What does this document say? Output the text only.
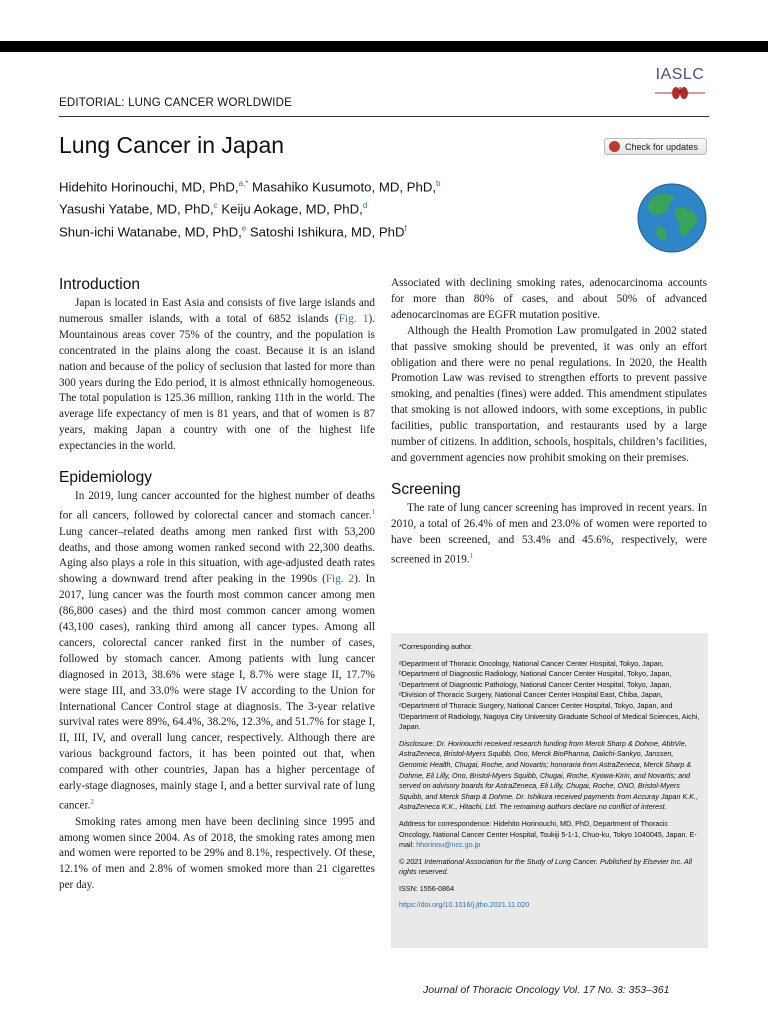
EDITORIAL: LUNG CANCER WORLDWIDE
IASLC
Lung Cancer in Japan	Check for updates
Hidehito Horinouchi, MD, PhD,$^{a,*}$ Masahiko Kusumoto, MD, PhD,$^b$
Yasushi Yatabe, MD, PhD,$^c$ Keiju Aokage, MD, PhD,$^d$
Shun-ichi Watanabe, MD, PhD,$^e$ Satoshi Ishikura, MD, PhD$^f$
Introduction

Japan is located in East Asia and consists of five large islands and numerous smaller islands, with a total of 6852 islands (Fig. 1). Mountainous areas cover 75% of the country, and the population is concentrated in the plains along the coast. Because it is an island nation and because of the policy of seclusion that lasted for more than 300 years during the Edo period, it is almost ethnically homogeneous. The total population is 125.36 million, ranking 11th in the world. The average life expectancy of men is 81 years, and that of women is 87 years, making Japan a country with one of the highest life expectancies in the world.

Epidemiology

In 2019, lung cancer accounted for the highest number of deaths for all cancers, followed by colorectal cancer and stomach cancer.$^1$ Lung cancer–related deaths among men ranked first with 53,200 deaths, and those among women ranked second with 22,300 deaths. Aging also plays a role in this situation, with age-adjusted death rates showing a downward trend after peaking in the 1990s (Fig. 2). In 2017, lung cancer was the fourth most common cancer among men (86,800 cases) and the third most common cancer among women (43,100 cases), ranking third among all cancer types. Among all cancers, colorectal cancer ranked first in the number of cases, followed by stomach cancer. Among patients with lung cancer diagnosed in 2013, 38.6% were stage I, 8.7% were stage II, 17.7% were stage III, and 33.0% were stage IV according to the Union for International Cancer Control stage at diagnosis. The 3-year relative survival rates were 89%, 64.4%, 38.2%, 12.3%, and 51.7% for stage I, II, III, IV, and overall lung cancer, respectively. Although there are various background factors, it has been pointed out that, when compared with other countries, Japan has a higher percentage of early-stage diagnoses, mainly stage I, and a better survival rate of lung cancer.$^2$

Smoking rates among men have been declining since 1995 and among women since 2004. As of 2018, the smoking rates among men and women were reported to be 29% and 8.1%, respectively. Of these, 12.1% of men and 2.8% of women smoked more than 21 cigarettes per day.

Associated with declining smoking rates, adenocarcinoma accounts for more than 80% of cases, and about 50% of advanced adenocarcinomas are EGFR mutation positive.

Although the Health Promotion Law promulgated in 2002 stated that passive smoking should be prevented, it was only an effort obligation and there were no penal regulations. In 2020, the Health Promotion Law was revised to strengthen efforts to prevent passive smoking, and penalties (fines) were added. This amendment stipulates that smoking is not allowed indoors, with some exceptions, in public facilities, public transportation, and restaurants used by a large number of citizens. In addition, schools, hospitals, children’s facilities, and government agencies now prohibit smoking on their premises.

Screening

The rate of lung cancer screening has improved in recent years. In 2010, a total of 26.4% of men and 23.0% of women were reported to have been screened, and 53.4% and 45.6%, respectively, were screened in 2019.$^1$

*Corresponding author.
ᵃDepartment of Thoracic Oncology, National Cancer Center Hospital, Tokyo, Japan, ᵇDepartment of Diagnostic Radiology, National Cancer Center Hospital, Tokyo, Japan, ᶜDepartment of Diagnostic Pathology, National Cancer Center Hospital, Tokyo, Japan, ᵈDivision of Thoracic Surgery, National Cancer Center Hospital East, Chiba, Japan, ᵉDepartment of Thoracic Surgery, National Cancer Center Hospital, Tokyo, Japan, and ᶠDepartment of Radiology, Nagoya City University Graduate School of Medical Sciences, Aichi, Japan.
Disclosure: Dr. Horinouchi received research funding from Merck Sharp & Dohme, AbbVie, AstraZeneca, Bristol-Myers Squibb, Ono, Merck BioPharma, Daiichi-Sankyo, Janssen, Genomic Health, Chugai, Roche, and Novartis; honoraria from AstraZeneca, Merck Sharp & Dohme, Eli Lilly, Ono, Bristol-Myers Squibb, Chugai, Roche, Kyowa-Kirin, and Novartis; and served on advisory boards for AstraZeneca, Eli Lilly, Chugai, Roche, ONO, Bristol-Myers Squibb, and Merck Sharp & Dohme. Dr. Ishikura received payments from Accuray Japan K.K., AstraZeneca K.K., Hitachi, Ltd. The remaining authors declare no conflict of interest.
Address for correspondence: Hidehito Horinouchi, MD, PhD, Department of Thoracic Oncology, National Cancer Center Hospital, Tsukiji 5-1-1, Chuo-ku, Tokyo 1040045, Japan. E-mail: hhorinou@ncc.go.jp
© 2021 International Association for the Study of Lung Cancer. Published by Elsevier Inc. All rights reserved.
ISSN: 1556-0864
https://doi.org/10.1016/j.jtho.2021.11.020
Journal of Thoracic Oncology Vol. 17 No. 3: 353–361
